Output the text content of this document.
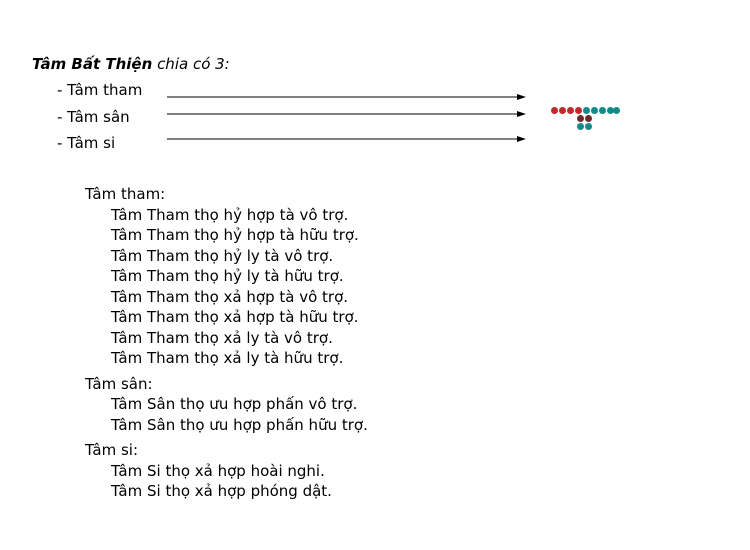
Tâm Bất Thiện chia có 3:
- Tâm tham
- Tâm sân
- Tâm si
Tâm tham:
Tâm Tham thọ hỷ hợp tà vô trợ.
Tâm Tham thọ hỷ hợp tà hữu trợ.
Tâm Tham thọ hỷ ly tà vô trợ.
Tâm Tham thọ hỷ ly tà hữu trợ.
Tâm Tham thọ xả hợp tà vô trợ.
Tâm Tham thọ xả hợp tà hữu trợ.
Tâm Tham thọ xả ly tà vô trợ.
Tâm Tham thọ xả ly tà hữu trợ.
Tâm sân:
Tâm Sân thọ ưu hợp phấn vô trợ.
Tâm Sân thọ ưu hợp phấn hữu trợ.
Tâm si:
Tâm Si thọ xả hợp hoài nghi.
Tâm Si thọ xả hợp phóng dật.
